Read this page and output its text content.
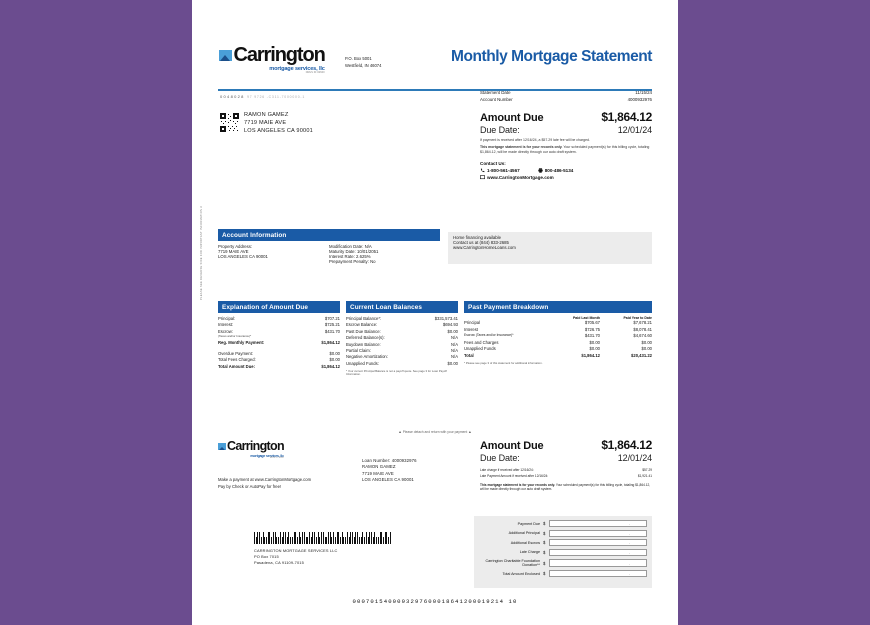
Carrington
mortgage services, llc
NMLS ID #2600
P.O. Box 5001
Westfield, IN 46074
Monthly Mortgage Statement
0048028 97 9726 -C311-7000000-1
RAMON GAMEZ
7719 MAIE AVE
LOS ANGELES CA 90001
Statement Date	11/15/24
Account Number	4000932976
Amount Due	$1,864.12
Due Date:	12/01/24
If payment is received after 12/16/24, a $57.29 late fee will be charged.
This mortgage statement is for your records only. Your scheduled payment(s) for this billing cycle, totaling $1,864.12, will be made directly through our auto draft system.
Contact Us:
1-800-561-4567	800-486-5134
www.CarringtonMortgage.com
Account Information
Property Address:
7719 MAIE AVE
LOS ANGELES CA 90001
Modification Date: N/A
Maturity Date: 10/01/2051
Interest Rate: 2.625%
Prepayment Penalty: No
Home financing available
Contact us at (844) 833-2685
www.CarringtonHomeLoans.com
Explanation of Amount Due
Principal:	$707.21
Interest:	$725.21
Escrow:	$431.70
(Taxes and/or Insurance)*
Reg. Monthly Payment:	$1,864.12
Overdue Payment:	$0.00
Total Fees Charged:	$0.00
Total Amount Due:	$1,864.12
Current Loan Balances
Principal Balance*:	$331,573.41
Escrow Balance:	$694.93
Past Due Balance:	$0.00
Deferred Balance(s):	N/A
Buydown Balance:	N/A
Partial Claim:	N/A
Negative Amortization:	N/A
Unapplied Funds:	$0.00
* Your current Principal Balance is not a payoff quote. See page 3 for Loan Payoff Information.
Past Payment Breakdown
Paid Last Month	Paid Year to Date
Principal	$705.67	$7,678.21
Interest	$726.75	$8,078.41
Escrow (Taxes and/or Insurance)*	$431.70	$4,674.60
Fees and Charges	$0.00	$0.00
Unapplied Funds	$0.00	$0.00
Total	$1,864.12	$20,431.22
* Please see page 3 of this statement for additional information.
▲ Please detach and return with your payment ▲
Carrington
mortgage services, llc
NMLS ID #2600
Make a payment at www.CarringtonMortgage.com
Pay by Check or AutoPay for free!
Loan Number: 4000932976
RAMON GAMEZ
7719 MAIE AVE
LOS ANGELES CA 90001
Amount Due	$1,864.12
Due Date:	12/01/24
Late charge if received after 12/16/24:	$57.29
Late Payment Amount if received after 12/16/24:	$1,921.41
This mortgage statement is for your records only. Your scheduled payment(s) for this billing cycle, totaling $1,864.12, will be made directly through our auto draft system.
Payment Due $
.
Additional Principal $
.
Additional Escrow $
.
Late Charge $
.
Carrington Charitable Foundation Donation** $
.
Total Amount Enclosed $
.
CARRINGTON MORTGAGE SERVICES LLC
PO Box 7015
Pasadena, CA 91109-7015
0007015400093297600018641200019214 10
PLEASE SEE REVERSE SIDE FOR IMPORTANT INFORMATION X
